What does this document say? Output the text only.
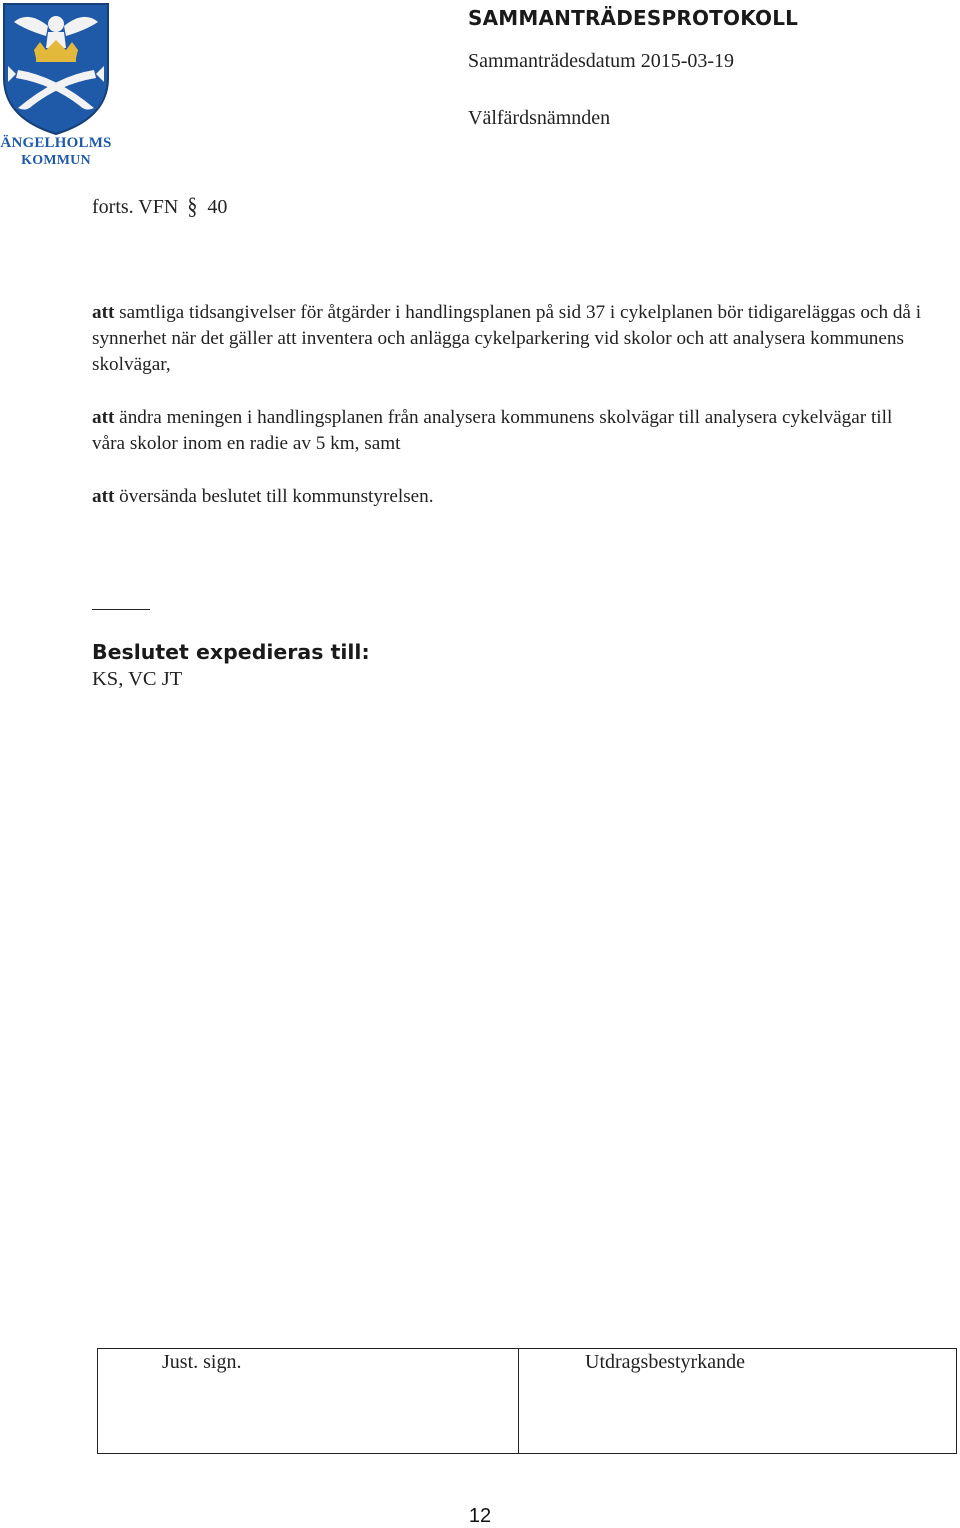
ÄNGELHOLMS
KOMMUN
SAMMANTRÄDESPROTOKOLL
Sammanträdesdatum 2015-03-19
Välfärdsnämnden
forts. VFN § 40
att samtliga tidsangivelser för åtgärder i handlingsplanen på sid 37 i cykelplanen bör tidigareläggas och då i synnerhet när det gäller att inventera och anlägga cykelparkering vid skolor och att analysera kommunens skolvägar,
att ändra meningen i handlingsplanen från analysera kommunens skolvägar till analysera cykelvägar till våra skolor inom en radie av 5 km, samt
att översända beslutet till kommunstyrelsen.
Beslutet expedieras till:
KS, VC JT
Just. sign.	Utdragsbestyrkande
12
